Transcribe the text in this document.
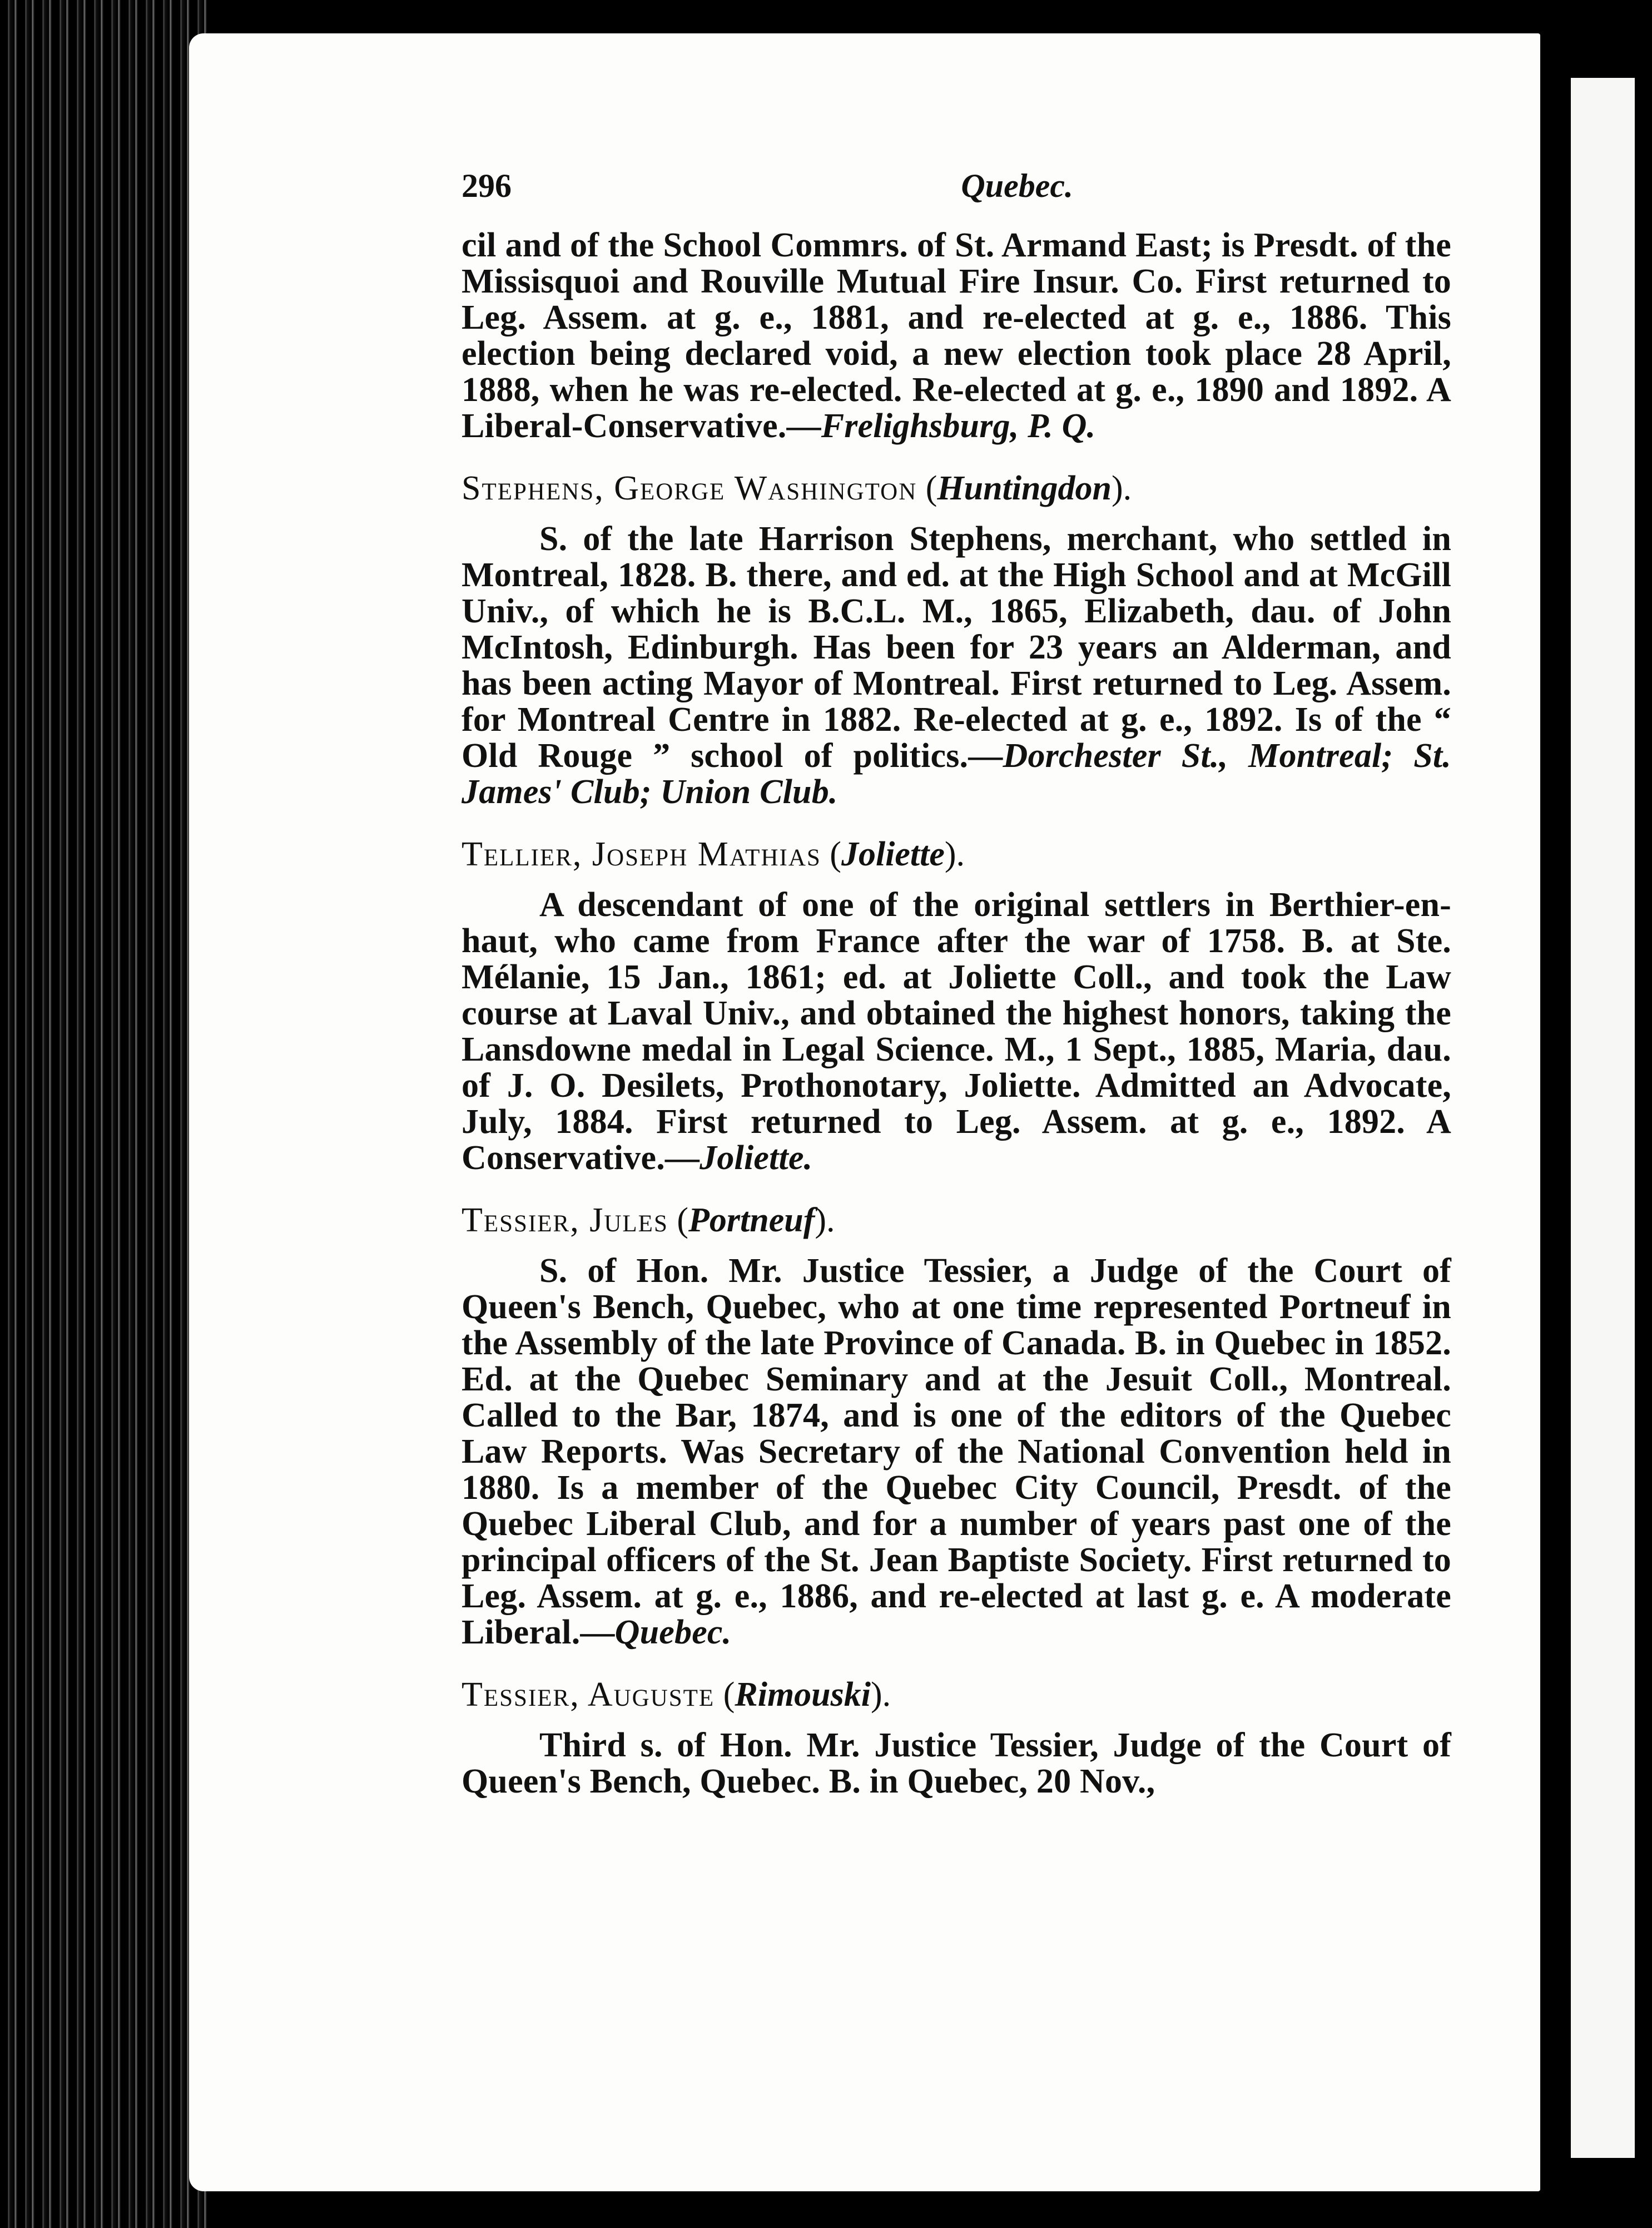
296	Quebec.

cil and of the School Commrs. of St. Armand East; is Presdt. of the Missisquoi and Rouville Mutual Fire Insur. Co. First returned to Leg. Assem. at g. e., 1881, and re-elected at g. e., 1886. This election being declared void, a new election took place 28 April, 1888, when he was re-elected. Re-elected at g. e., 1890 and 1892. A Liberal-Conservative.—Frelighsburg, P. Q.

Stephens, George Washington (Huntingdon).

S. of the late Harrison Stephens, merchant, who settled in Montreal, 1828. B. there, and ed. at the High School and at McGill Univ., of which he is B.C.L. M., 1865, Elizabeth, dau. of John McIntosh, Edinburgh. Has been for 23 years an Alderman, and has been acting Mayor of Montreal. First returned to Leg. Assem. for Montreal Centre in 1882. Re-elected at g. e., 1892. Is of the “ Old Rouge ” school of politics.—Dorchester St., Montreal; St. James' Club; Union Club.

Tellier, Joseph Mathias (Joliette).

A descendant of one of the original settlers in Berthier-en-haut, who came from France after the war of 1758. B. at Ste. Mélanie, 15 Jan., 1861; ed. at Joliette Coll., and took the Law course at Laval Univ., and obtained the highest honors, taking the Lansdowne medal in Legal Science. M., 1 Sept., 1885, Maria, dau. of J. O. Desilets, Prothonotary, Joliette. Admitted an Advocate, July, 1884. First returned to Leg. Assem. at g. e., 1892. A Conservative.—Joliette.

Tessier, Jules (Portneuf).

S. of Hon. Mr. Justice Tessier, a Judge of the Court of Queen's Bench, Quebec, who at one time represented Portneuf in the Assembly of the late Province of Canada. B. in Quebec in 1852. Ed. at the Quebec Seminary and at the Jesuit Coll., Montreal. Called to the Bar, 1874, and is one of the editors of the Quebec Law Reports. Was Secretary of the National Convention held in 1880. Is a member of the Quebec City Council, Presdt. of the Quebec Liberal Club, and for a number of years past one of the principal officers of the St. Jean Baptiste Society. First returned to Leg. Assem. at g. e., 1886, and re-elected at last g. e. A moderate Liberal.—Quebec.

Tessier, Auguste (Rimouski).

Third s. of Hon. Mr. Justice Tessier, Judge of the Court of Queen's Bench, Quebec. B. in Quebec, 20 Nov.,
